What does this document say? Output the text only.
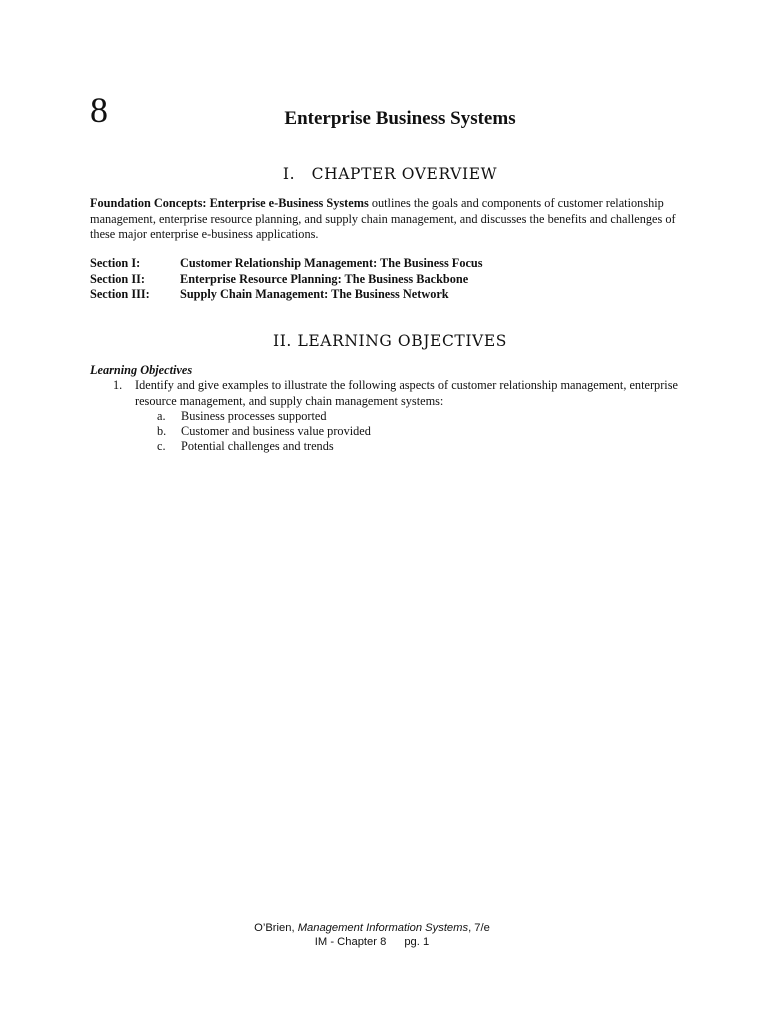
8	Enterprise Business Systems
I.   CHAPTER OVERVIEW
Foundation Concepts: Enterprise e-Business Systems outlines the goals and components of customer relationship management, enterprise resource planning, and supply chain management, and discusses the benefits and challenges of these major enterprise e-business applications.
Section I:	Customer Relationship Management: The Business Focus
Section II:	Enterprise Resource Planning: The Business Backbone
Section III:	Supply Chain Management: The Business Network
II. LEARNING OBJECTIVES
Learning Objectives
1.	Identify and give examples to illustrate the following aspects of customer relationship management, enterprise resource management, and supply chain management systems:
a.	Business processes supported
b.	Customer and business value provided
c.	Potential challenges and trends
O’Brien, Management Information Systems, 7/e
IM - Chapter 8 pg. 1
